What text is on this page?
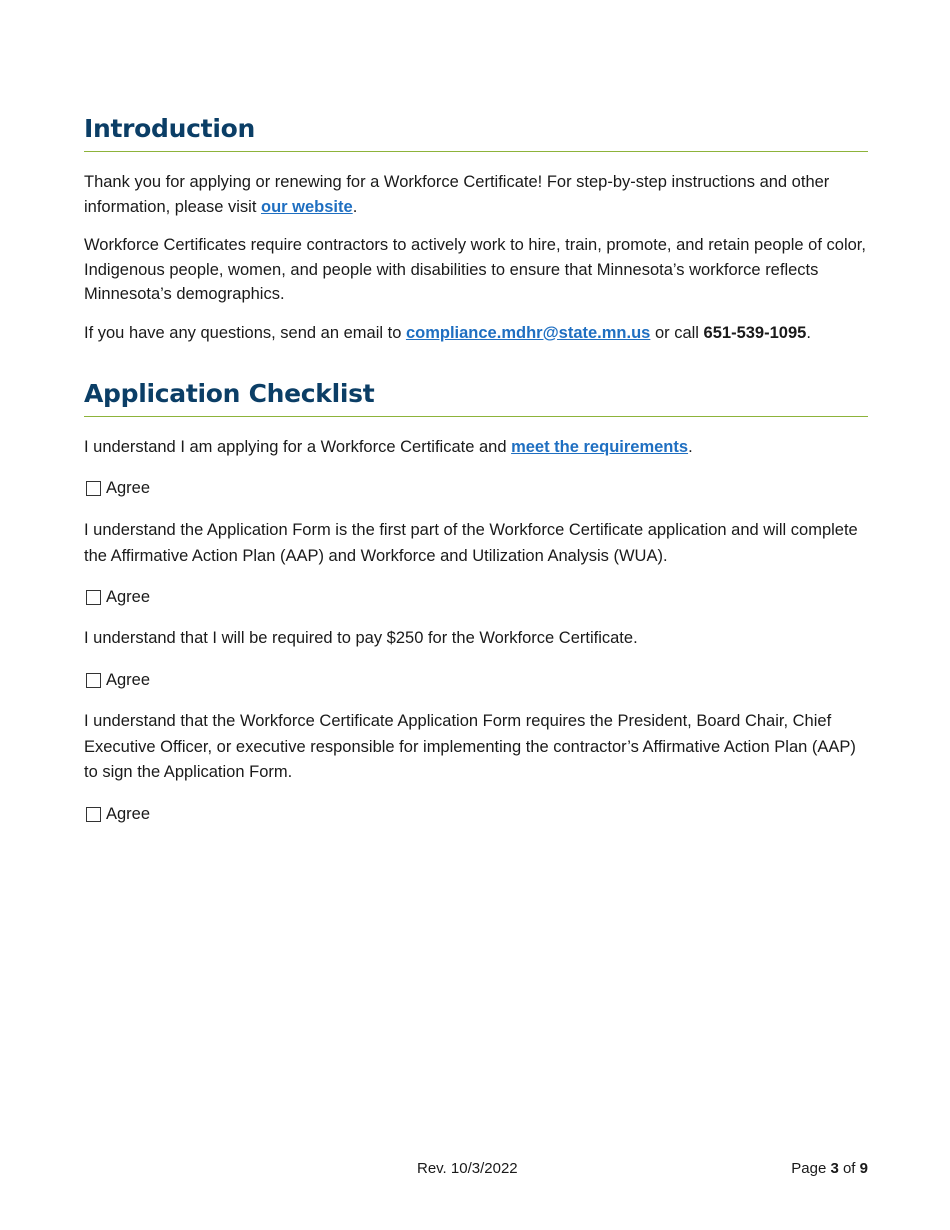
Introduction

Thank you for applying or renewing for a Workforce Certificate! For step-by-step instructions and other information, please visit our website.

Workforce Certificates require contractors to actively work to hire, train, promote, and retain people of color, Indigenous people, women, and people with disabilities to ensure that Minnesota’s workforce reflects Minnesota’s demographics.

If you have any questions, send an email to compliance.mdhr@state.mn.us or call 651-539-1095.

Application Checklist

I understand I am applying for a Workforce Certificate and meet the requirements.

Agree

I understand the Application Form is the first part of the Workforce Certificate application and will complete the Affirmative Action Plan (AAP) and Workforce and Utilization Analysis (WUA).

Agree

I understand that I will be required to pay $250 for the Workforce Certificate.

Agree

I understand that the Workforce Certificate Application Form requires the President, Board Chair, Chief Executive Officer, or executive responsible for implementing the contractor’s Affirmative Action Plan (AAP) to sign the Application Form.

Agree
Rev. 10/3/2022	Page 3 of 9
